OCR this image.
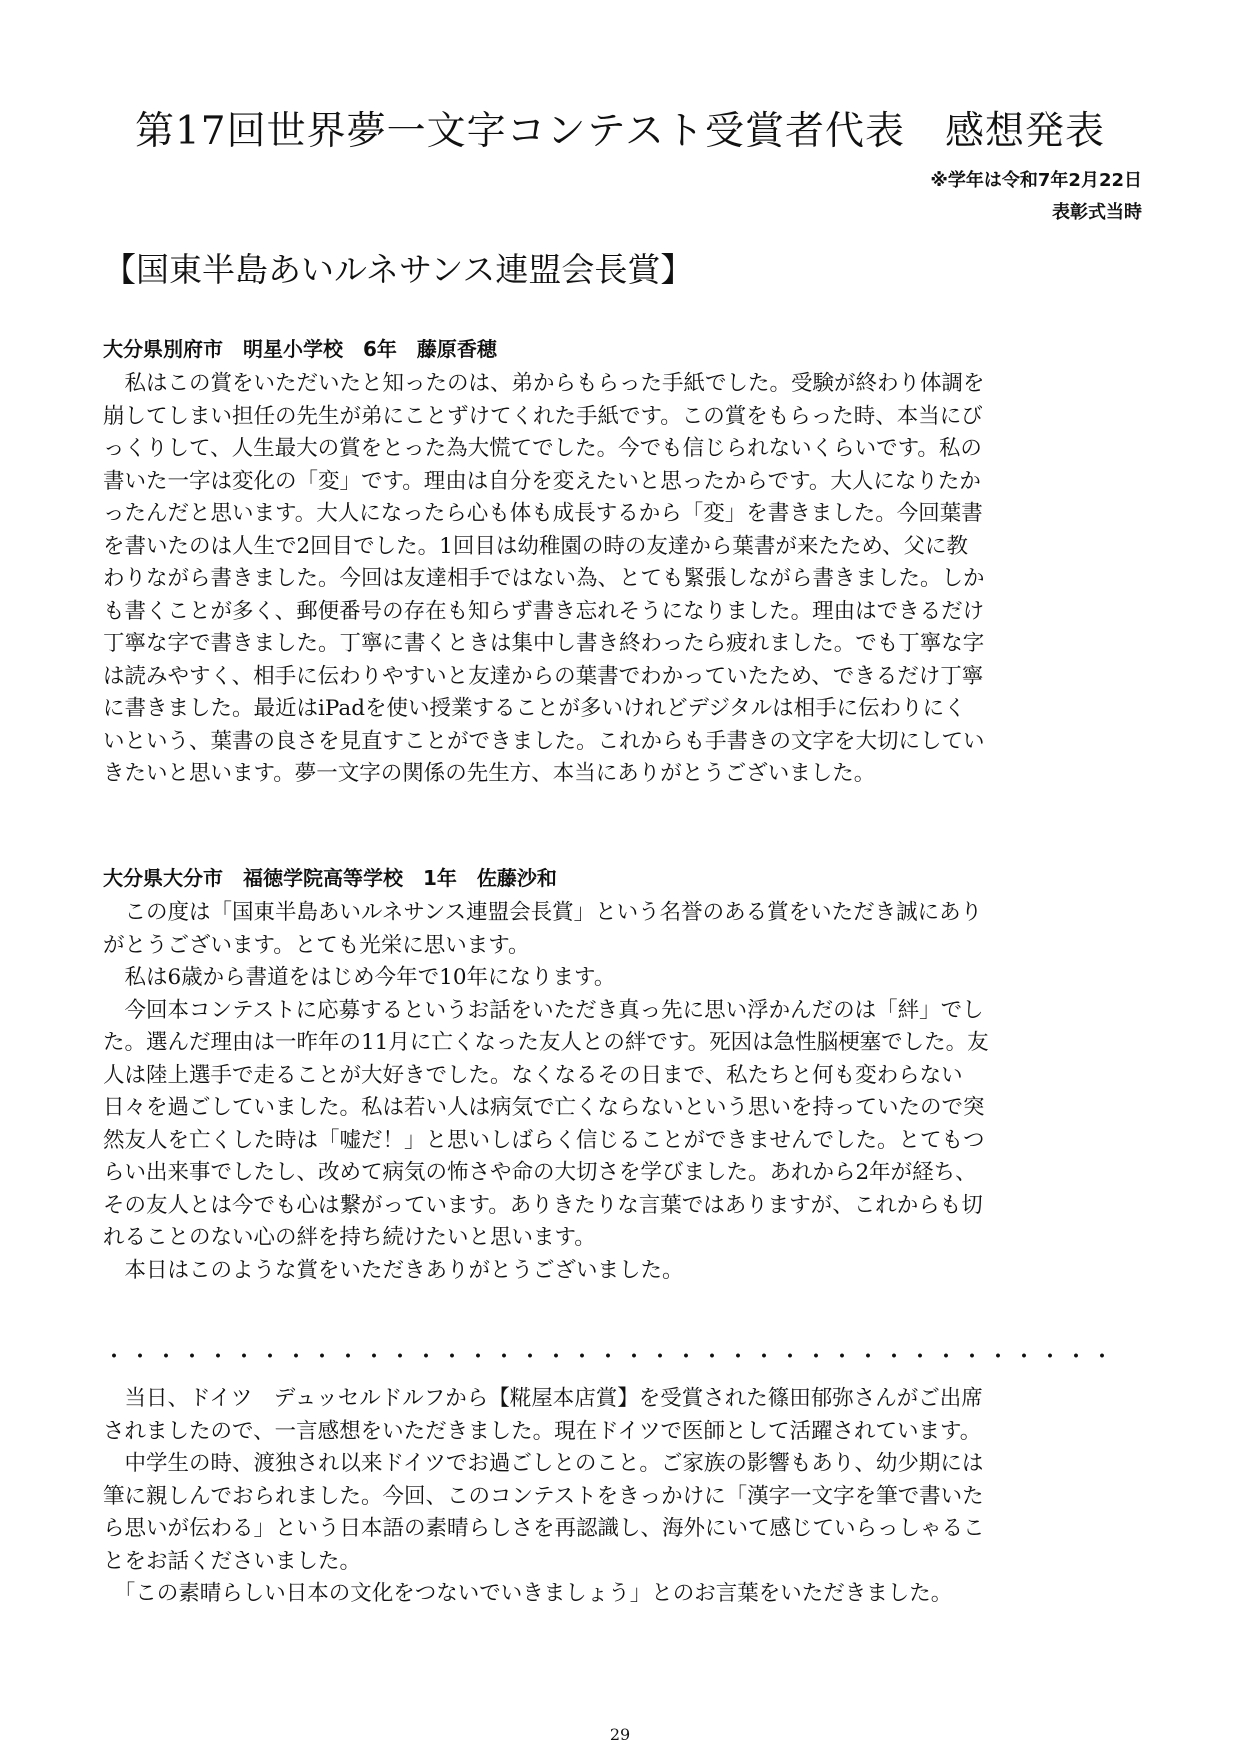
第17回世界夢一文字コンテスト受賞者代表　感想発表

※学年は令和7年2月22日

表彰式当時

【国東半島あいルネサンス連盟会長賞】

大分県別府市　明星小学校　6年　藤原香穂

　私はこの賞をいただいたと知ったのは、弟からもらった手紙でした。受験が終わり体調を

崩してしまい担任の先生が弟にことずけてくれた手紙です。この賞をもらった時、本当にび

っくりして、人生最大の賞をとった為大慌てでした。今でも信じられないくらいです。私の

書いた一字は変化の「変」です。理由は自分を変えたいと思ったからです。大人になりたか

ったんだと思います。大人になったら心も体も成長するから「変」を書きました。今回葉書

を書いたのは人生で2回目でした。1回目は幼稚園の時の友達から葉書が来たため、父に教

わりながら書きました。今回は友達相手ではない為、とても緊張しながら書きました。しか

も書くことが多く、郵便番号の存在も知らず書き忘れそうになりました。理由はできるだけ

丁寧な字で書きました。丁寧に書くときは集中し書き終わったら疲れました。でも丁寧な字

は読みやすく、相手に伝わりやすいと友達からの葉書でわかっていたため、できるだけ丁寧

に書きました。最近はiPadを使い授業することが多いけれどデジタルは相手に伝わりにく

いという、葉書の良さを見直すことができました。これからも手書きの文字を大切にしてい

きたいと思います。夢一文字の関係の先生方、本当にありがとうございました。

大分県大分市　福徳学院高等学校　1年　佐藤沙和

　この度は「国東半島あいルネサンス連盟会長賞」という名誉のある賞をいただき誠にあり

がとうございます。とても光栄に思います。

　私は6歳から書道をはじめ今年で10年になります。

　今回本コンテストに応募するというお話をいただき真っ先に思い浮かんだのは「絆」でし

た。選んだ理由は一昨年の11月に亡くなった友人との絆です。死因は急性脳梗塞でした。友

人は陸上選手で走ることが大好きでした。なくなるその日まで、私たちと何も変わらない

日々を過ごしていました。私は若い人は病気で亡くならないという思いを持っていたので突

然友人を亡くした時は「嘘だ！」と思いしばらく信じることができませんでした。とてもつ

らい出来事でしたし、改めて病気の怖さや命の大切さを学びました。あれから2年が経ち、

その友人とは今でも心は繋がっています。ありきたりな言葉ではありますが、これからも切

れることのない心の絆を持ち続けたいと思います。

　本日はこのような賞をいただきありがとうございました。

・・・・・・・・・・・・・・・・・・・・・・・・・・・・・・・・・・・・・・・

　当日、ドイツ　デュッセルドルフから【糀屋本店賞】を受賞された篠田郁弥さんがご出席

されましたので、一言感想をいただきました。現在ドイツで医師として活躍されています。

　中学生の時、渡独され以来ドイツでお過ごしとのこと。ご家族の影響もあり、幼少期には

筆に親しんでおられました。今回、このコンテストをきっかけに「漢字一文字を筆で書いた

ら思いが伝わる」という日本語の素晴らしさを再認識し、海外にいて感じていらっしゃるこ

とをお話くださいました。

　「この素晴らしい日本の文化をつないでいきましょう」とのお言葉をいただきました。

29
